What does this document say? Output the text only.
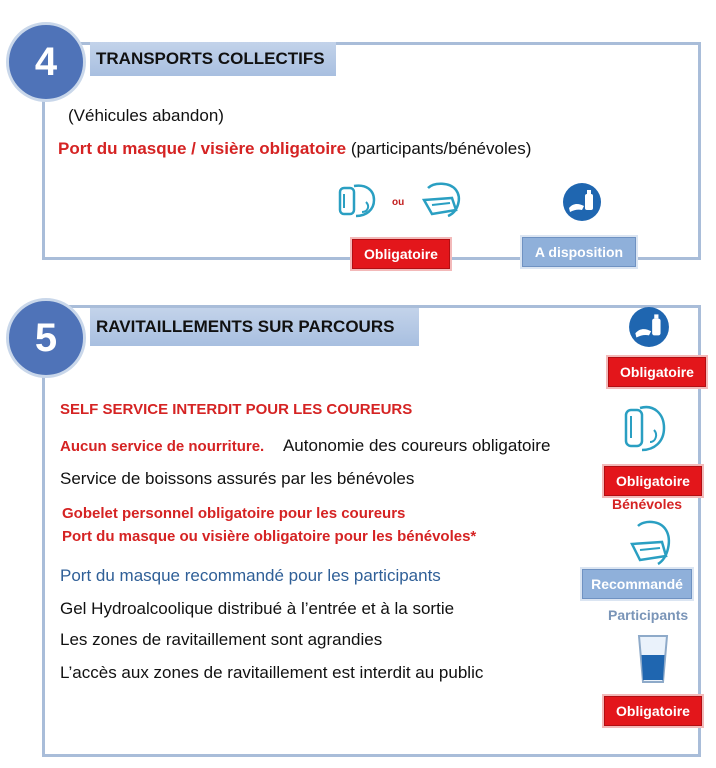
TRANSPORTS COLLECTIFS
4
(Véhicules abandon)
Port du masque / visière obligatoire (participants/bénévoles)
ou
Obligatoire	A disposition
RAVITAILLEMENTS SUR PARCOURS
5
SELF SERVICE INTERDIT POUR LES COUREURS
Aucun service de nourriture. Autonomie des coureurs obligatoire
Service de boissons assurés par les bénévoles
Gobelet personnel obligatoire pour les coureurs
Port du masque ou visière obligatoire pour les bénévoles*
Port du masque recommandé pour les participants
Gel Hydroalcoolique distribué à l’entrée et à la sortie
Les zones de ravitaillement sont agrandies
L’accès aux zones de ravitaillement est interdit au public
Obligatoire
Obligatoire
Bénévoles
Recommandé
Participants
Obligatoire
